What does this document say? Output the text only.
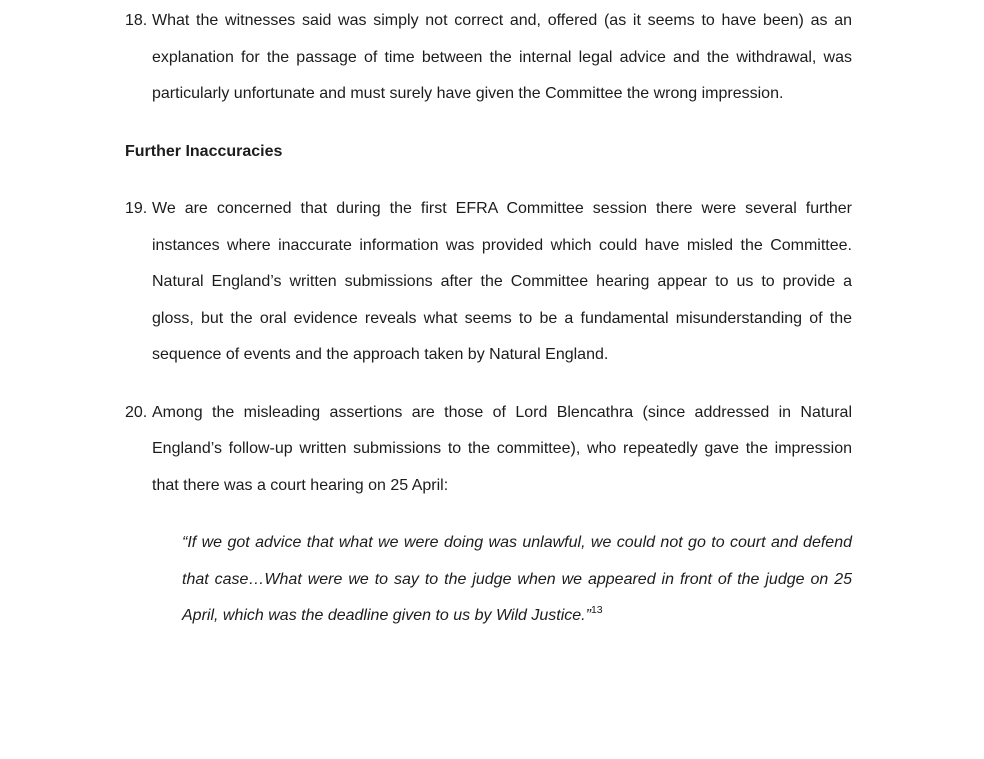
18. What the witnesses said was simply not correct and, offered (as it seems to have been) as an explanation for the passage of time between the internal legal advice and the withdrawal, was particularly unfortunate and must surely have given the Committee the wrong impression.
Further Inaccuracies
19. We are concerned that during the first EFRA Committee session there were several further instances where inaccurate information was provided which could have misled the Committee. Natural England’s written submissions after the Committee hearing appear to us to provide a gloss, but the oral evidence reveals what seems to be a fundamental misunderstanding of the sequence of events and the approach taken by Natural England.
20. Among the misleading assertions are those of Lord Blencathra (since addressed in Natural England’s follow-up written submissions to the committee), who repeatedly gave the impression that there was a court hearing on 25 April:
“If we got advice that what we were doing was unlawful, we could not go to court and defend that case…What were we to say to the judge when we appeared in front of the judge on 25 April, which was the deadline given to us by Wild Justice.”$^{13}$
